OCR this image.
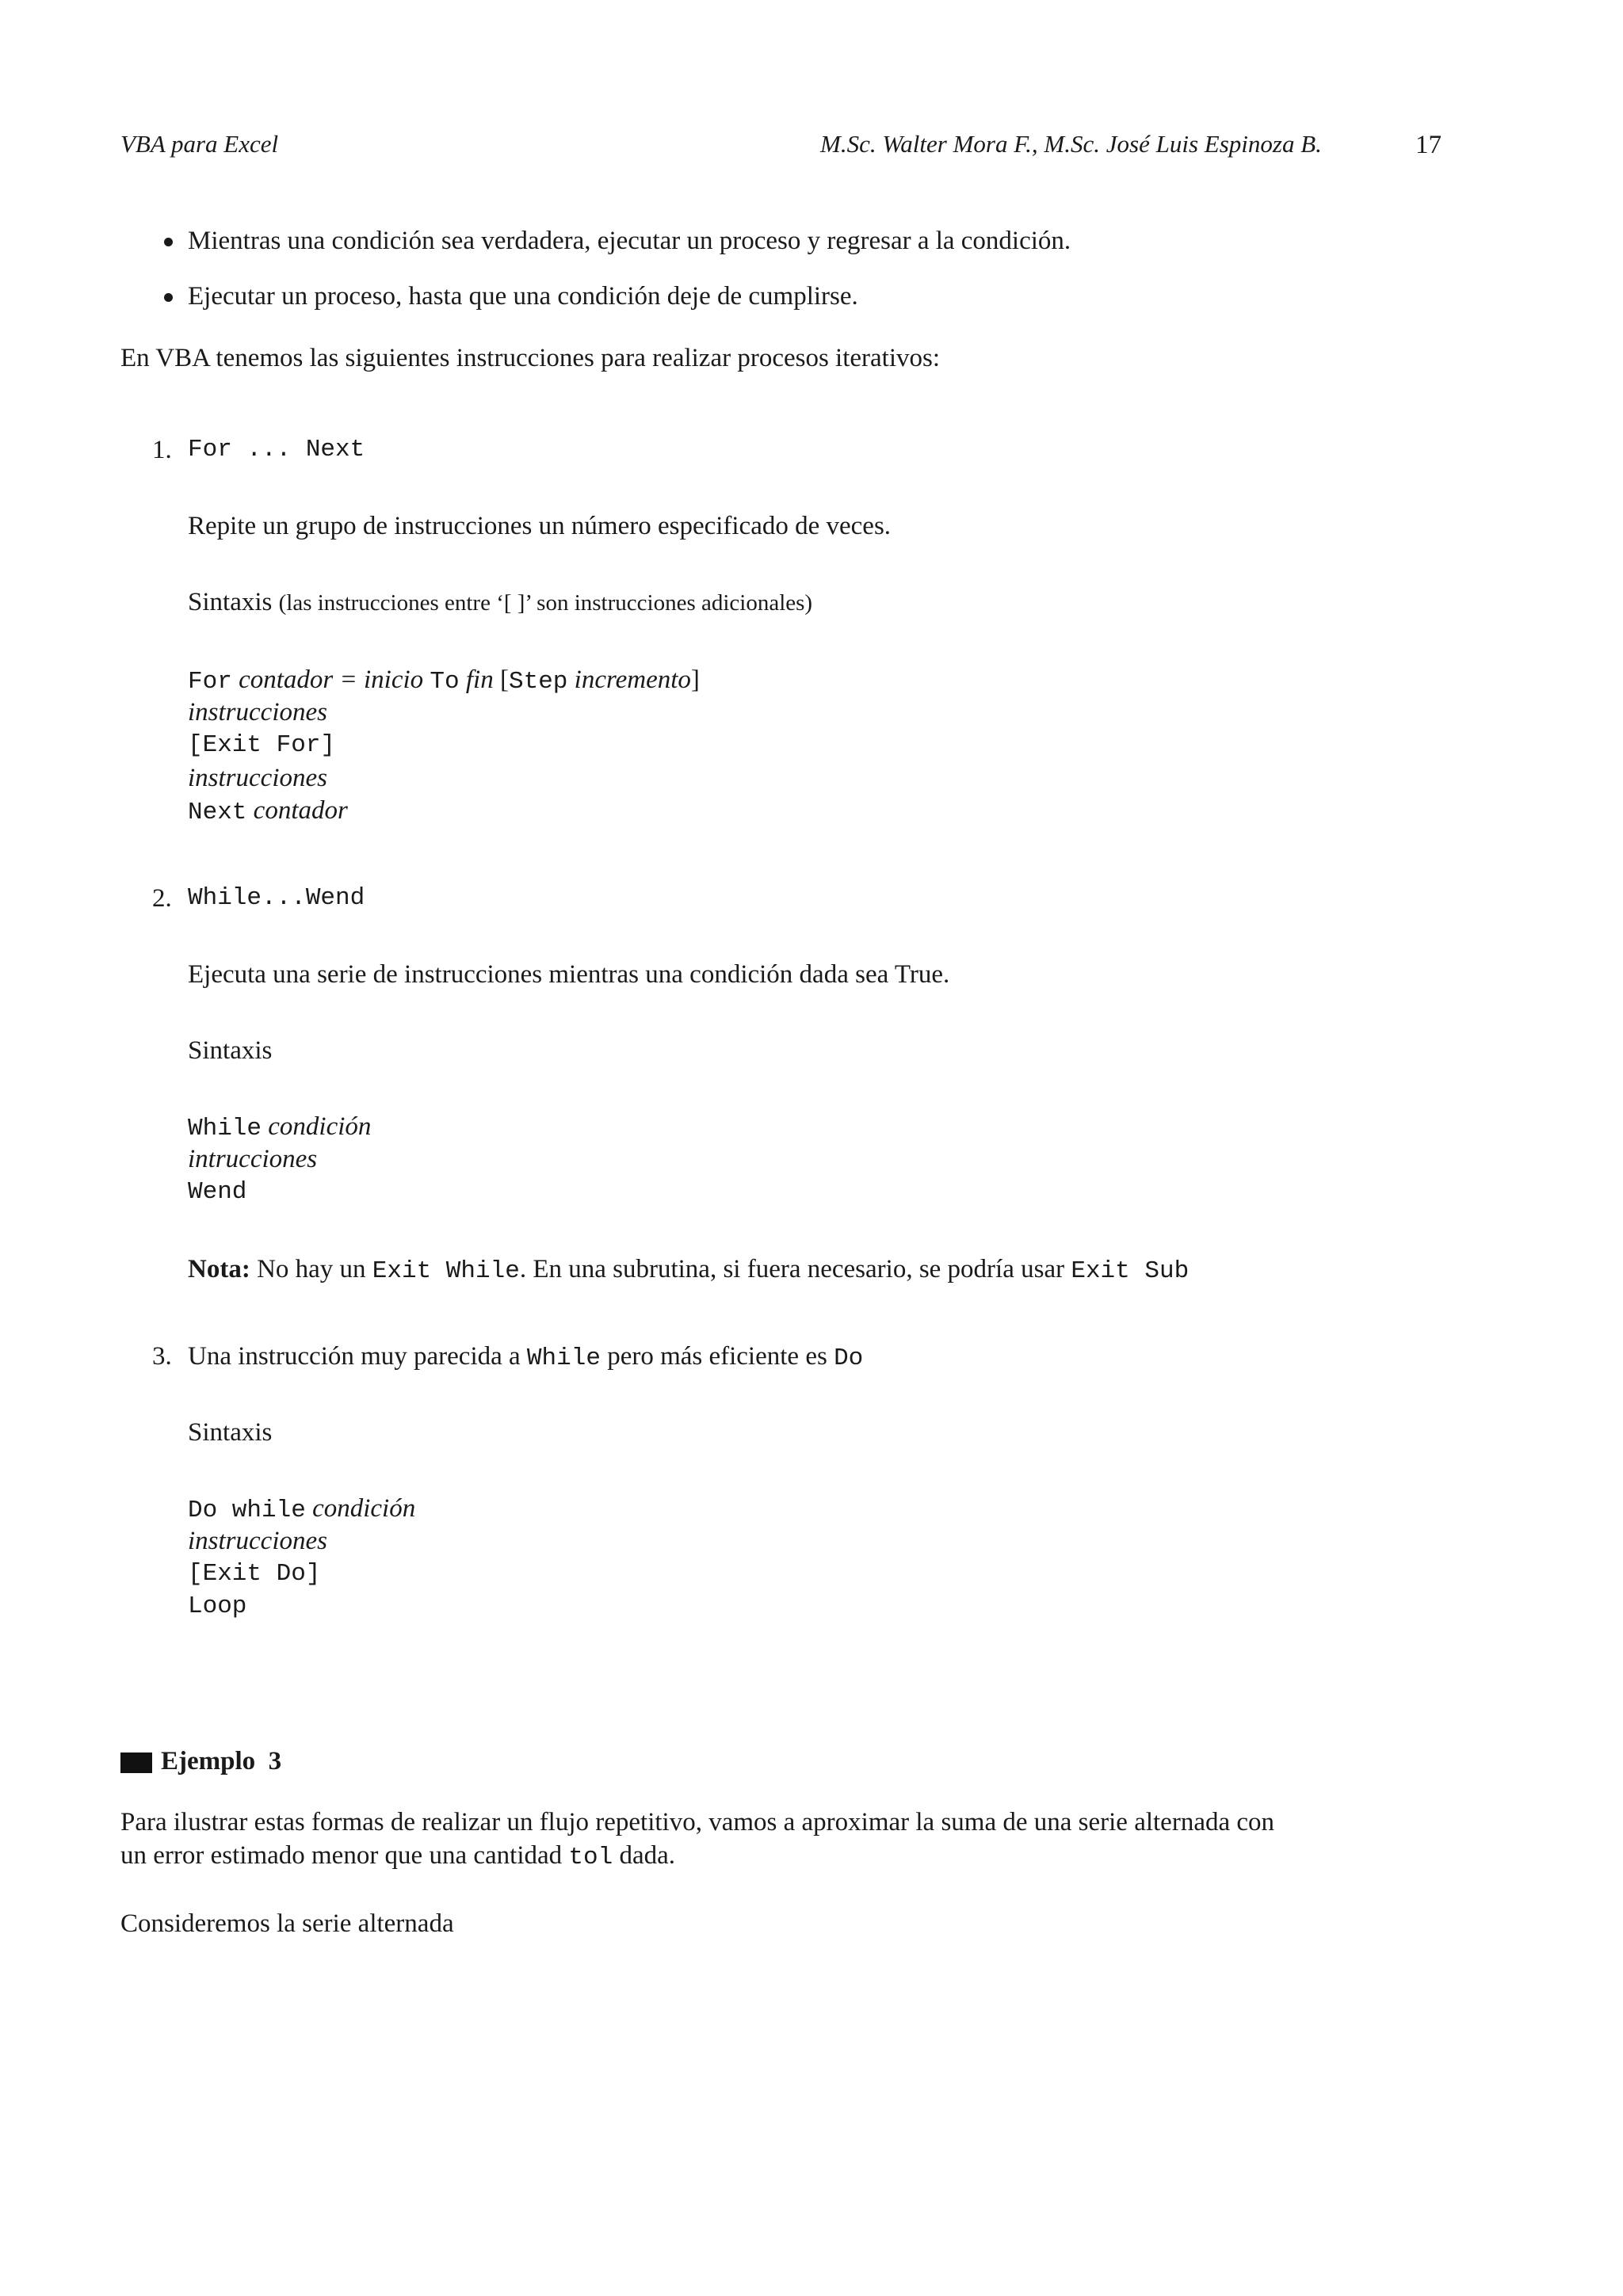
VBA para Excel	M.Sc. Walter Mora F., M.Sc. José Luis Espinoza B.	17
Mientras una condición sea verdadera, ejecutar un proceso y regresar a la condición.
Ejecutar un proceso, hasta que una condición deje de cumplirse.
En VBA tenemos las siguientes instrucciones para realizar procesos iterativos:
1. For ... Next
Repite un grupo de instrucciones un número especificado de veces.
Sintaxis (las instrucciones entre ‘[ ]’ son instrucciones adicionales)
For contador = inicio To fin [Step incremento]
instrucciones
[Exit For]
instrucciones
Next contador
2. While...Wend
Ejecuta una serie de instrucciones mientras una condición dada sea True.
Sintaxis
While condición
intrucciones
Wend
Nota: No hay un Exit While. En una subrutina, si fuera necesario, se podría usar Exit Sub
3. Una instrucción muy parecida a While pero más eficiente es Do
Sintaxis
Do while condición
instrucciones
[Exit Do]
Loop
Ejemplo 3
Para ilustrar estas formas de realizar un flujo repetitivo, vamos a aproximar la suma de una serie alternada con
un error estimado menor que una cantidad tol dada.
Consideremos la serie alternada
